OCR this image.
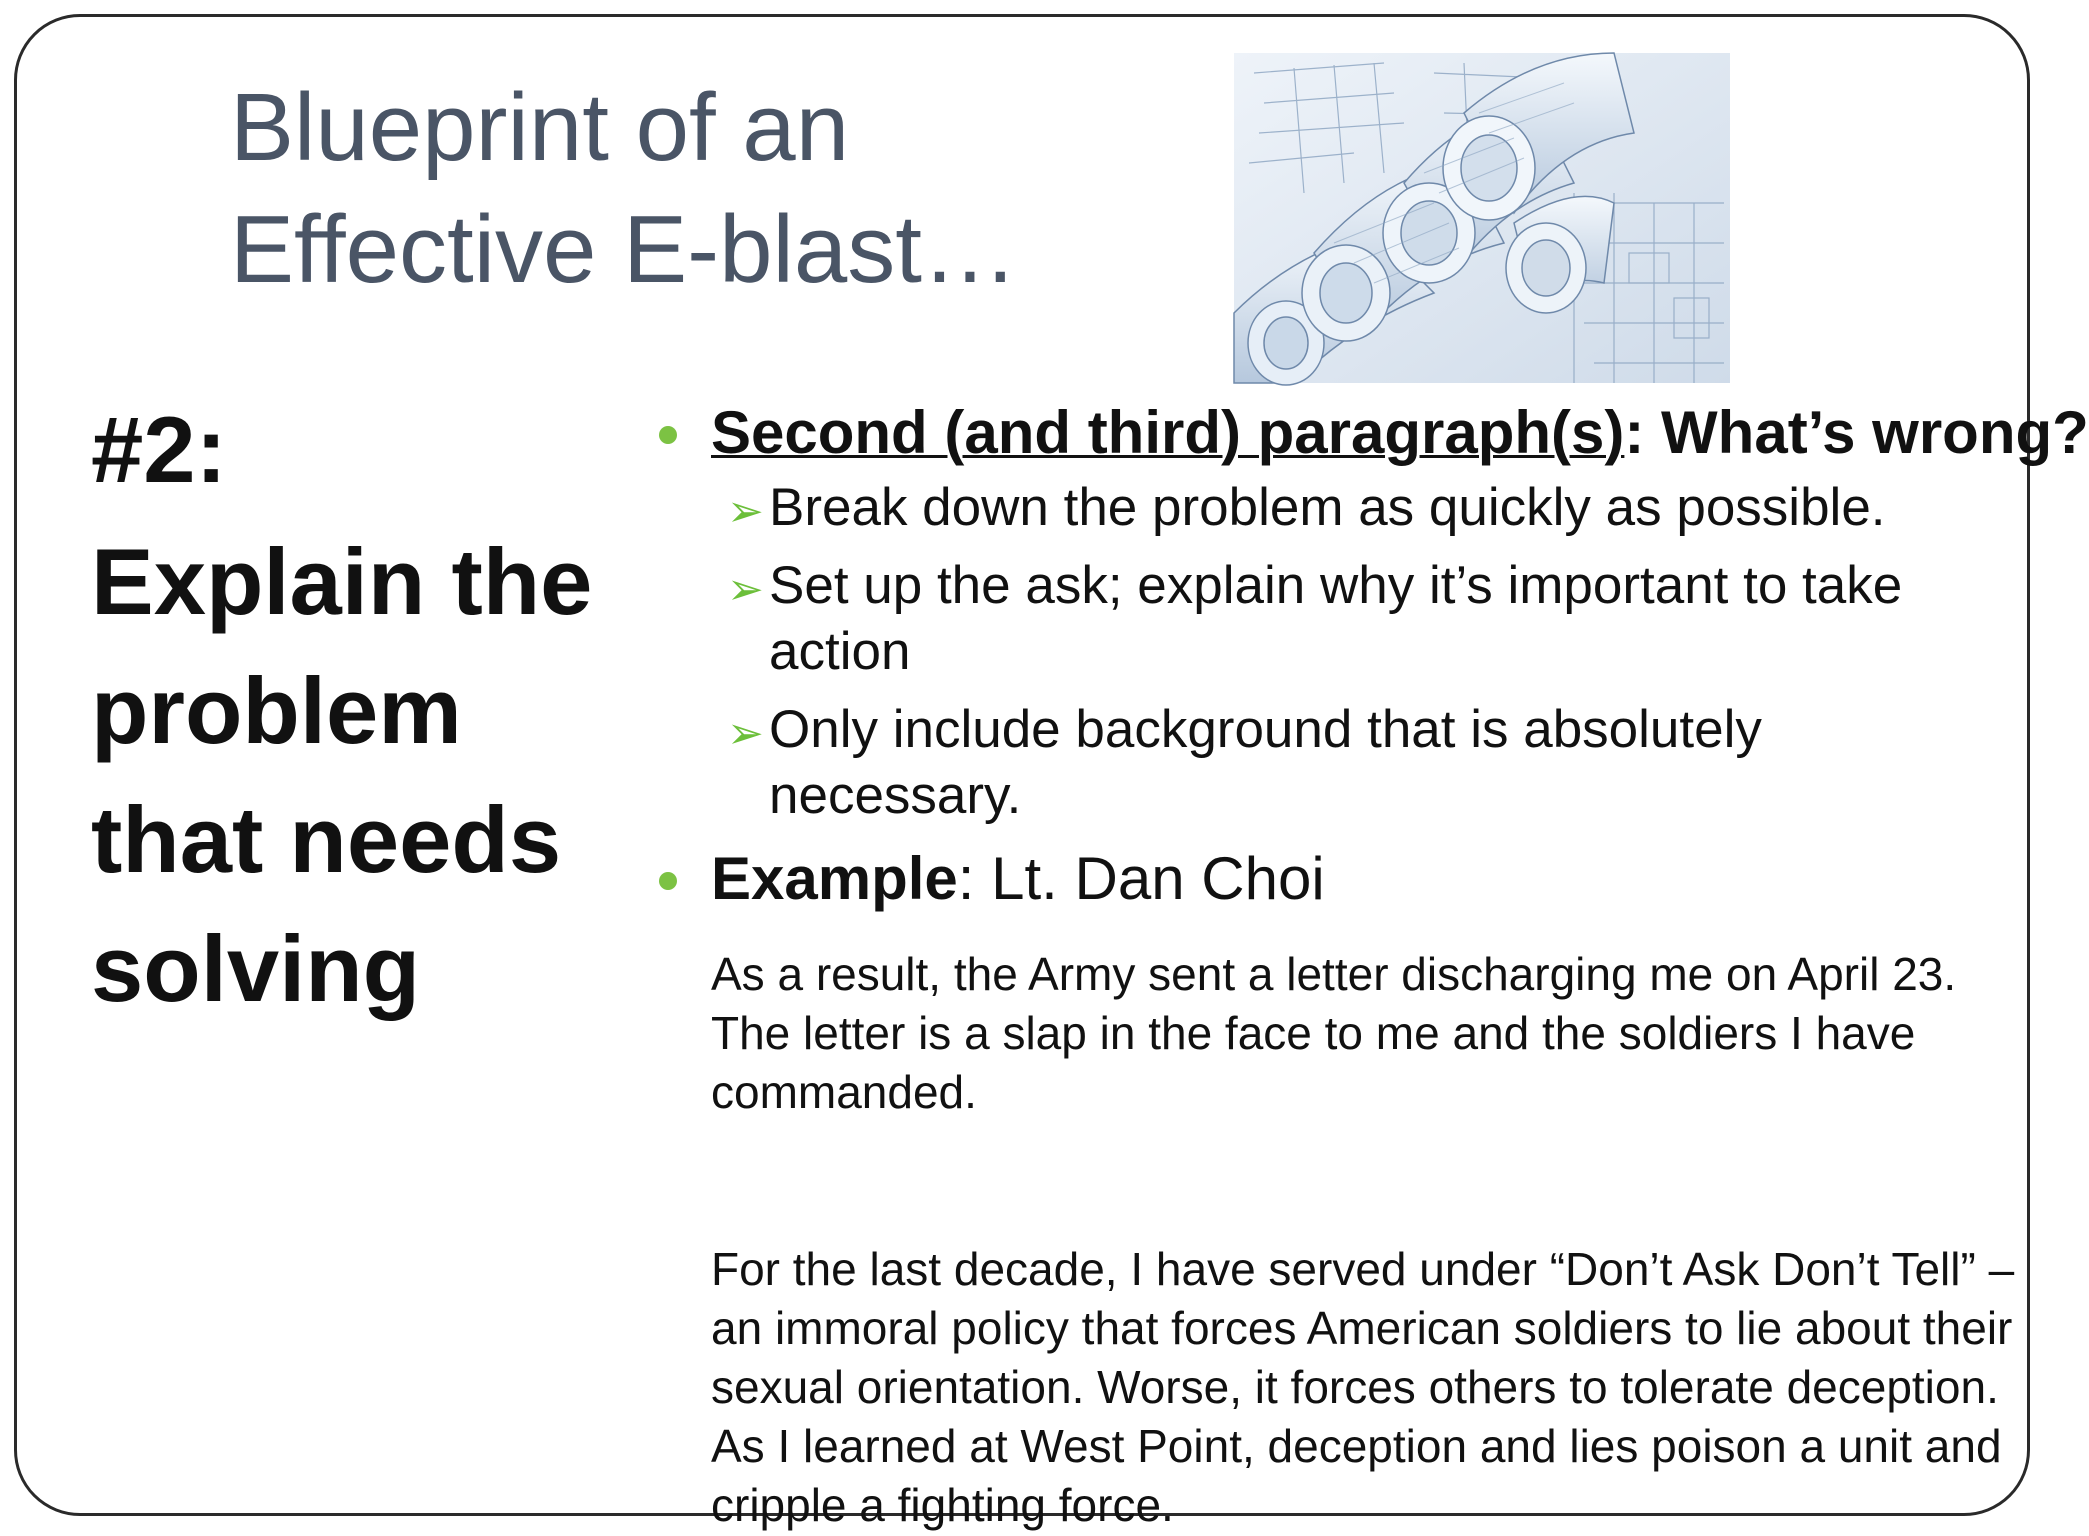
Blueprint of an
Effective E-blast…
#2:
Explain the problem that needs solving
Second (and third) paragraph(s): What’s wrong?
➢ Break down the problem as quickly as possible.
➢ Set up the ask; explain why it’s important to take action
➢ Only include background that is absolutely necessary.
Example: Lt. Dan Choi

As a result, the Army sent a letter discharging me on April 23. The letter is a slap in the face to me and the soldiers I have commanded.

For the last decade, I have served under “Don’t Ask Don’t Tell” – an immoral policy that forces American soldiers to lie about their sexual orientation. Worse, it forces others to tolerate deception. As I learned at West Point, deception and lies poison a unit and cripple a fighting force.
